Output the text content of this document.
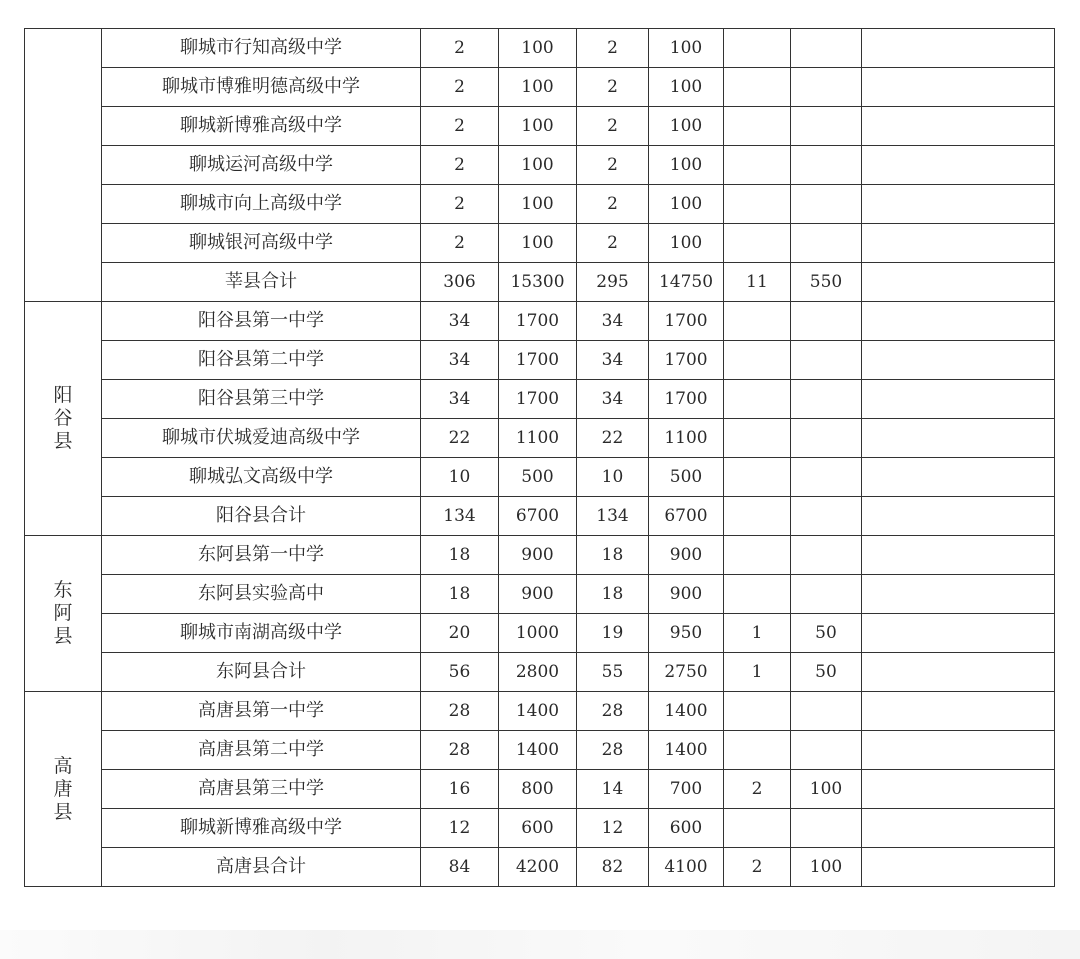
	聊城市行知高级中学	2	100	2	100			
	聊城市博雅明德高级中学	2	100	2	100			
	聊城新博雅高级中学	2	100	2	100			
	聊城运河高级中学	2	100	2	100			
	聊城市向上高级中学	2	100	2	100			
	聊城银河高级中学	2	100	2	100			
	莘县合计	306	15300	295	14750	11	550	
阳谷县	阳谷县第一中学	34	1700	34	1700			
	阳谷县第二中学	34	1700	34	1700			
	阳谷县第三中学	34	1700	34	1700			
	聊城市伏城爱迪高级中学	22	1100	22	1100			
	聊城弘文高级中学	10	500	10	500			
	阳谷县合计	134	6700	134	6700			
东阿县	东阿县第一中学	18	900	18	900			
	东阿县实验高中	18	900	18	900			
	聊城市南湖高级中学	20	1000	19	950	1	50	
	东阿县合计	56	2800	55	2750	1	50	
高唐县	高唐县第一中学	28	1400	28	1400			
	高唐县第二中学	28	1400	28	1400			
	高唐县第三中学	16	800	14	700	2	100	
	聊城新博雅高级中学	12	600	12	600			
	高唐县合计	84	4200	82	4100	2	100	
